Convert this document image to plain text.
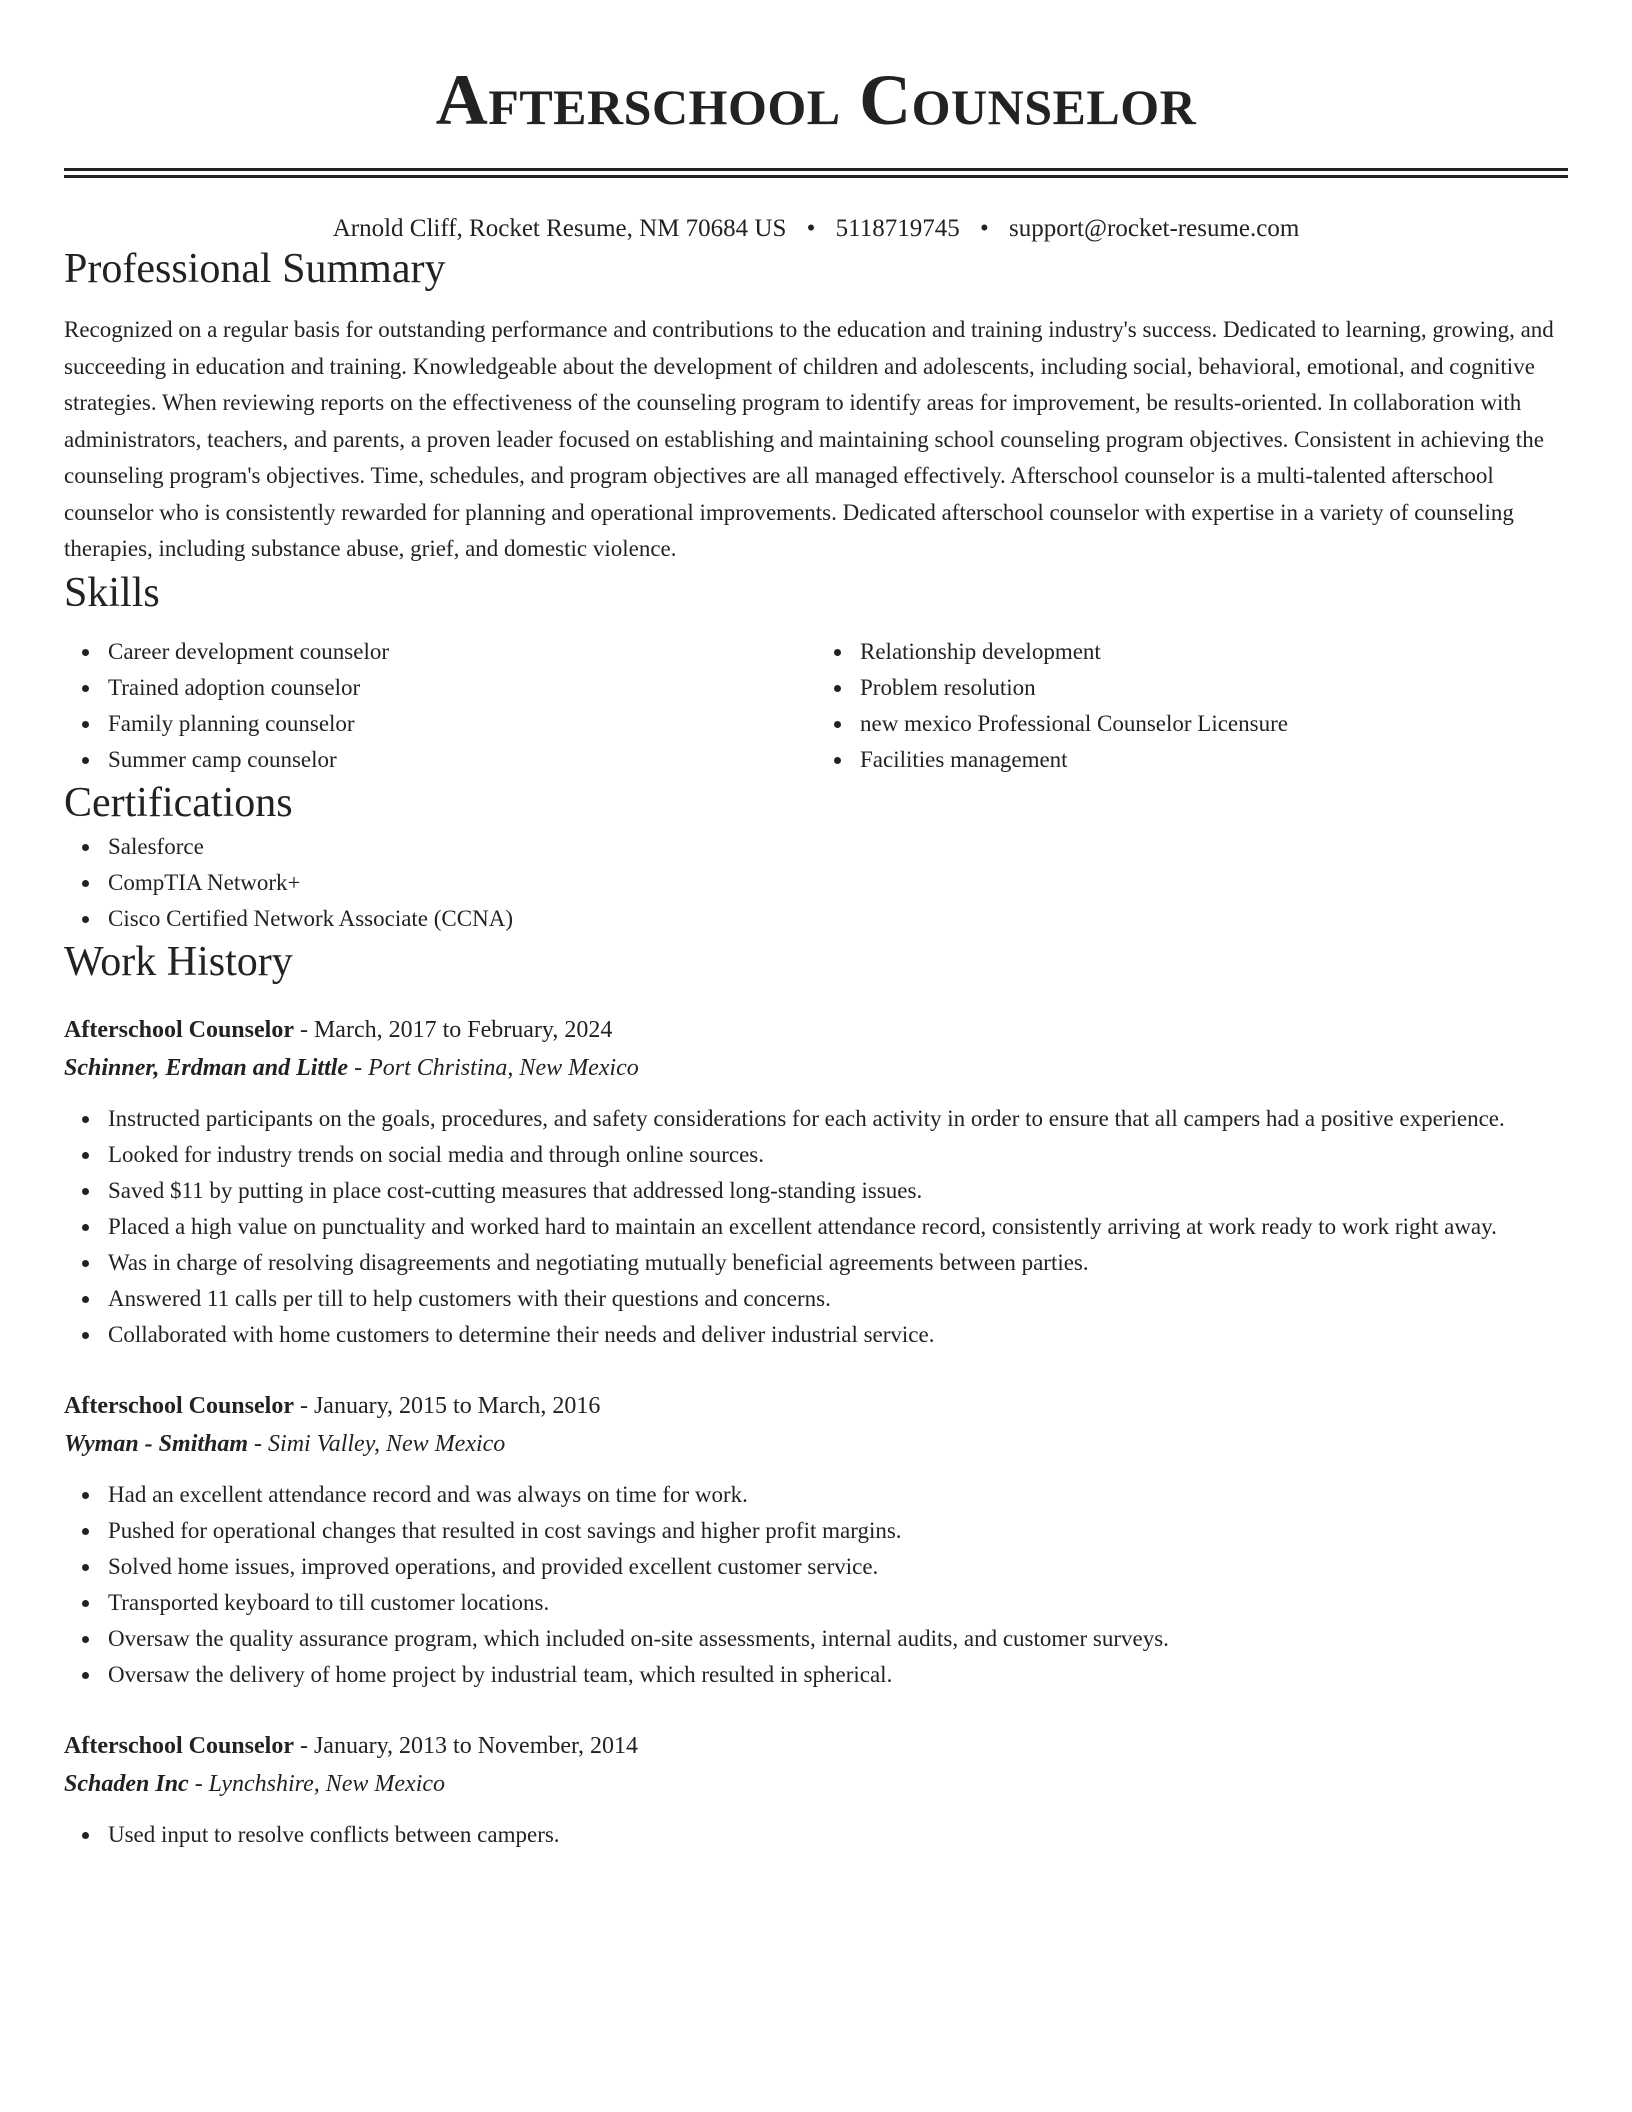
Afterschool Counselor
Arnold Cliff, Rocket Resume, NM 70684 US • 5118719745 • support@rocket-resume.com
Professional Summary

Recognized on a regular basis for outstanding performance and contributions to the education and training industry's success. Dedicated to learning, growing, and succeeding in education and training. Knowledgeable about the development of children and adolescents, including social, behavioral, emotional, and cognitive strategies. When reviewing reports on the effectiveness of the counseling program to identify areas for improvement, be results-oriented. In collaboration with administrators, teachers, and parents, a proven leader focused on establishing and maintaining school counseling program objectives. Consistent in achieving the counseling program's objectives. Time, schedules, and program objectives are all managed effectively. Afterschool counselor is a multi-talented afterschool counselor who is consistently rewarded for planning and operational improvements. Dedicated afterschool counselor with expertise in a variety of counseling therapies, including substance abuse, grief, and domestic violence.

Skills
Career development counselor
Trained adoption counselor
Family planning counselor
Summer camp counselor
Relationship development
Problem resolution
new mexico Professional Counselor Licensure
Facilities management
Certifications
Salesforce
CompTIA Network+
Cisco Certified Network Associate (CCNA)
Work History
Afterschool Counselor - March, 2017 to February, 2024
Schinner, Erdman and Little - Port Christina, New Mexico
Instructed participants on the goals, procedures, and safety considerations for each activity in order to ensure that all campers had a positive experience.
Looked for industry trends on social media and through online sources.
Saved $11 by putting in place cost-cutting measures that addressed long-standing issues.
Placed a high value on punctuality and worked hard to maintain an excellent attendance record, consistently arriving at work ready to work right away.
Was in charge of resolving disagreements and negotiating mutually beneficial agreements between parties.
Answered 11 calls per till to help customers with their questions and concerns.
Collaborated with home customers to determine their needs and deliver industrial service.
Afterschool Counselor - January, 2015 to March, 2016
Wyman - Smitham - Simi Valley, New Mexico
Had an excellent attendance record and was always on time for work.
Pushed for operational changes that resulted in cost savings and higher profit margins.
Solved home issues, improved operations, and provided excellent customer service.
Transported keyboard to till customer locations.
Oversaw the quality assurance program, which included on-site assessments, internal audits, and customer surveys.
Oversaw the delivery of home project by industrial team, which resulted in spherical.
Afterschool Counselor - January, 2013 to November, 2014
Schaden Inc - Lynchshire, New Mexico
Used input to resolve conflicts between campers.
